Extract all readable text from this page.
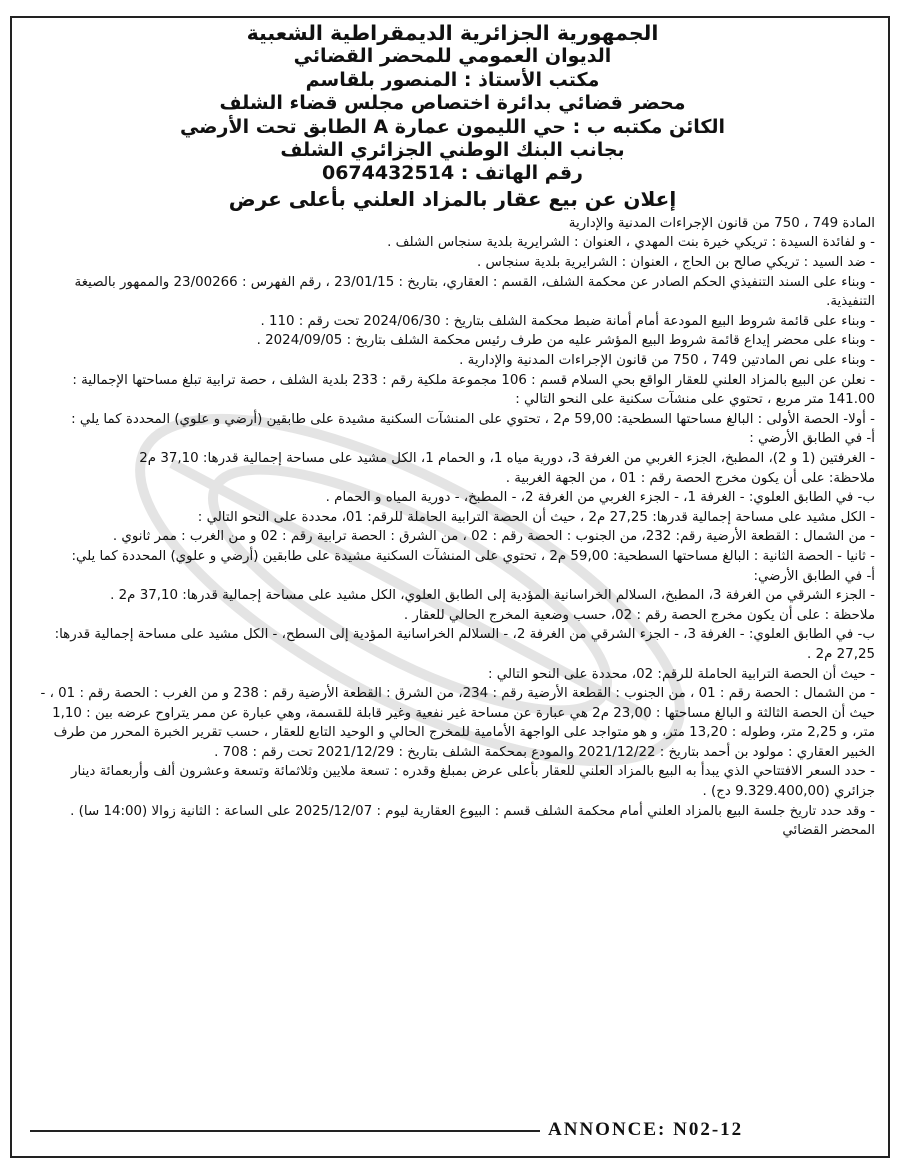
الجمهورية الجزائرية الديمقراطية الشعبية
الديوان العمومي للمحضر القضائي
مكتب الأستاذ : المنصور بلقاسم
محضر قضائي بدائرة اختصاص مجلس قضاء الشلف
الكائن مكتبه ب : حي الليمون عمارة A الطابق تحت الأرضي
بجانب البنك الوطني الجزائري الشلف
رقم الهاتف : 0674432514
إعلان عن بيع عقار بالمزاد العلني بأعلى عرض

المادة 749 ، 750 من قانون الإجراءات المدنية والإدارية

- و لفائدة السيدة : تريكي خيرة بنت المهدي ، العنوان : الشرايرية بلدية سنجاس الشلف .

- ضد السيد : تريكي صالح بن الحاج ، العنوان : الشرايرية بلدية سنجاس .

- وبناء على السند التنفيذي الحكم الصادر عن محكمة الشلف، القسم : العقاري، بتاريخ : 23/01/15 ، رقم الفهرس : 23/00266 والممهور بالصيغة التنفيذية.

- وبناء على قائمة شروط البيع المودعة أمام أمانة ضبط محكمة الشلف بتاريخ : 2024/06/30 تحت رقم : 110 .

- وبناء على محضر إيداع قائمة شروط البيع المؤشر عليه من طرف رئيس محكمة الشلف بتاريخ : 2024/09/05 .

- وبناء على نص المادتين 749 ، 750 من قانون الإجراءات المدنية والإدارية .

- نعلن عن البيع بالمزاد العلني للعقار الواقع بحي السلام قسم : 106 مجموعة ملكية رقم : 233 بلدية الشلف ، حصة ترابية تبلغ مساحتها الإجمالية : 141.00 متر مربع ، تحتوي على منشآت سكنية على النحو التالي :

- أولا- الحصة الأولى : البالغ مساحتها السطحية: 59,00 م2 ، تحتوي على المنشآت السكنية مشيدة على طابقين (أرضي و علوي) المحددة كما يلي :

أ- في الطابق الأرضي :

- الغرفتين (1 و 2)، المطبخ، الجزء الغربي من الغرفة 3، دورية مياه 1، و الحمام 1، الكل مشيد على مساحة إجمالية قدرها: 37,10 م2

ملاحظة: على أن يكون مخرج الحصة رقم : 01 ، من الجهة الغربية .

ب- في الطابق العلوي: - الغرفة 1، - الجزء الغربي من الغرفة 2، - المطبخ، - دورية المياه و الحمام .

- الكل مشيد على مساحة إجمالية قدرها: 27,25 م2 ، حيث أن الحصة الترابية الحاملة للرقم: 01، محددة على النحو التالي :

- من الشمال : القطعة الأرضية رقم: 232، من الجنوب : الحصة رقم : 02 ، من الشرق : الحصة ترابية رقم : 02 و من الغرب : ممر ثانوي .

- ثانيا - الحصة الثانية : البالغ مساحتها السطحية: 59,00 م2 ، تحتوي على المنشآت السكنية مشيدة على طابقين (أرضي و علوي) المحددة كما يلي:

أ- في الطابق الأرضي:

- الجزء الشرقي من الغرفة 3، المطبخ، السلالم الخراسانية المؤدية إلى الطابق العلوي، الكل مشيد على مساحة إجمالية قدرها: 37,10 م2 .

ملاحظة : على أن يكون مخرج الحصة رقم : 02، حسب وضعية المخرج الحالي للعقار .

ب- في الطابق العلوي: - الغرفة 3، - الجزء الشرقي من الغرفة 2، - السلالم الخراسانية المؤدية إلى السطح، - الكل مشيد على مساحة إجمالية قدرها: 27,25 م2 .

- حيث أن الحصة الترابية الحاملة للرقم: 02، محددة على النحو التالي :

- من الشمال : الحصة رقم : 01 ، من الجنوب : القطعة الأرضية رقم : 234، من الشرق : القطعة الأرضية رقم : 238 و من الغرب : الحصة رقم : 01 ، - حيث أن الحصة الثالثة و البالغ مساحتها : 23,00 م2 هي عبارة عن مساحة غير نفعية وغير قابلة للقسمة، وهي عبارة عن ممر يتراوح عرضه بين : 1,10 متر، و 2,25 متر، وطوله : 13,20 متر، و هو متواجد على الواجهة الأمامية للمخرج الحالي و الوحيد التابع للعقار ، حسب تقرير الخبرة المحرر من طرف الخبير العقاري : مولود بن أحمد بتاريخ : 2021/12/22 والمودع بمحكمة الشلف بتاريخ : 2021/12/29 تحت رقم : 708 .

- حدد السعر الافتتاحي الذي يبدأ به البيع بالمزاد العلني للعقار بأعلى عرض بمبلغ وقدره : تسعة ملايين وثلاثمائة وتسعة وعشرون ألف وأربعمائة دينار جزائري (9.329.400,00 دج) .

- وقد حدد تاريخ جلسة البيع بالمزاد العلني أمام محكمة الشلف قسم : البيوع العقارية ليوم : 2025/12/07 على الساعة : الثانية زوالا (14:00 سا) .

المحضر القضائي

ANNONCE: N02-12
